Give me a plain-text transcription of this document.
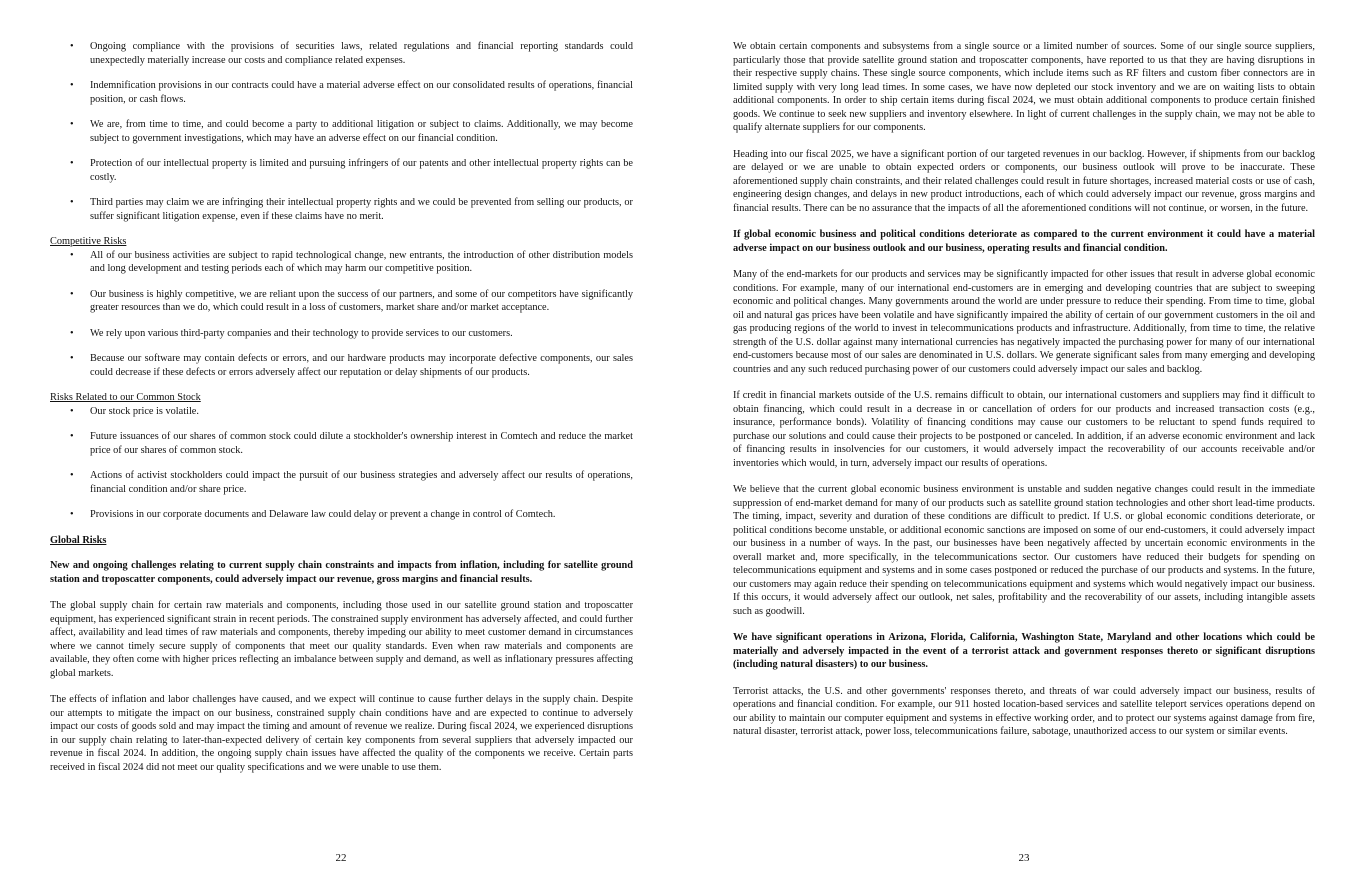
• Ongoing compliance with the provisions of securities laws, related regulations and financial reporting standards could unexpectedly materially increase our costs and compliance related expenses.
• Indemnification provisions in our contracts could have a material adverse effect on our consolidated results of operations, financial position, or cash flows.
• We are, from time to time, and could become a party to additional litigation or subject to claims. Additionally, we may become subject to government investigations, which may have an adverse effect on our financial condition.
• Protection of our intellectual property is limited and pursuing infringers of our patents and other intellectual property rights can be costly.
• Third parties may claim we are infringing their intellectual property rights and we could be prevented from selling our products, or suffer significant litigation expense, even if these claims have no merit.
Competitive Risks
• All of our business activities are subject to rapid technological change, new entrants, the introduction of other distribution models and long development and testing periods each of which may harm our competitive position.
• Our business is highly competitive, we are reliant upon the success of our partners, and some of our competitors have significantly greater resources than we do, which could result in a loss of customers, market share and/or market acceptance.
• We rely upon various third-party companies and their technology to provide services to our customers.
• Because our software may contain defects or errors, and our hardware products may incorporate defective components, our sales could decrease if these defects or errors adversely affect our reputation or delay shipments of our products.
Risks Related to our Common Stock
• Our stock price is volatile.
• Future issuances of our shares of common stock could dilute a stockholder's ownership interest in Comtech and reduce the market price of our shares of common stock.
• Actions of activist stockholders could impact the pursuit of our business strategies and adversely affect our results of operations, financial condition and/or share price.
• Provisions in our corporate documents and Delaware law could delay or prevent a change in control of Comtech.
Global Risks

New and ongoing challenges relating to current supply chain constraints and impacts from inflation, including for satellite ground station and troposcatter components, could adversely impact our revenue, gross margins and financial results.

The global supply chain for certain raw materials and components, including those used in our satellite ground station and troposcatter equipment, has experienced significant strain in recent periods. The constrained supply environment has adversely affected, and could further affect, availability and lead times of raw materials and components, thereby impeding our ability to meet customer demand in circumstances where we cannot timely secure supply of components that meet our quality standards. Even when raw materials and components are available, they often come with higher prices reflecting an imbalance between supply and demand, as well as inflationary pressures affecting global markets.

The effects of inflation and labor challenges have caused, and we expect will continue to cause further delays in the supply chain. Despite our attempts to mitigate the impact on our business, constrained supply chain conditions have and are expected to continue to adversely impact our costs of goods sold and may impact the timing and amount of revenue we realize. During fiscal 2024, we experienced disruptions in our supply chain relating to later-than-expected delivery of certain key components from several suppliers that adversely impacted our revenue in fiscal 2024. In addition, the ongoing supply chain issues have affected the quality of the components we receive. Certain parts received in fiscal 2024 did not meet our quality specifications and we were unable to use them.

22

We obtain certain components and subsystems from a single source or a limited number of sources. Some of our single source suppliers, particularly those that provide satellite ground station and troposcatter components, have reported to us that they are having disruptions in their respective supply chains. These single source components, which include items such as RF filters and custom fiber connectors are in limited supply with very long lead times. In some cases, we have now depleted our stock inventory and we are on waiting lists to obtain additional components. In order to ship certain items during fiscal 2024, we must obtain additional components to produce certain finished goods. We continue to seek new suppliers and inventory elsewhere. In light of current challenges in the supply chain, we may not be able to qualify alternate suppliers for our components.

Heading into our fiscal 2025, we have a significant portion of our targeted revenues in our backlog. However, if shipments from our backlog are delayed or we are unable to obtain expected orders or components, our business outlook will prove to be inaccurate. These aforementioned supply chain constraints, and their related challenges could result in future shortages, increased material costs or use of cash, engineering design changes, and delays in new product introductions, each of which could adversely impact our revenue, gross margins and financial results. There can be no assurance that the impacts of all the aforementioned conditions will not continue, or worsen, in the future.

If global economic business and political conditions deteriorate as compared to the current environment it could have a material adverse impact on our business outlook and our business, operating results and financial condition.

Many of the end-markets for our products and services may be significantly impacted for other issues that result in adverse global economic conditions. For example, many of our international end-customers are in emerging and developing countries that are subject to sweeping economic and political changes. Many governments around the world are under pressure to reduce their spending. From time to time, global oil and natural gas prices have been volatile and have significantly impaired the ability of certain of our government customers in the oil and gas producing regions of the world to invest in telecommunications products and infrastructure. Additionally, from time to time, the relative strength of the U.S. dollar against many international currencies has negatively impacted the purchasing power for many of our international end-customers because most of our sales are denominated in U.S. dollars. We generate significant sales from many emerging and developing countries and any such reduced purchasing power of our customers could adversely impact our sales and backlog.

If credit in financial markets outside of the U.S. remains difficult to obtain, our international customers and suppliers may find it difficult to obtain financing, which could result in a decrease in or cancellation of orders for our products and increased transaction costs (e.g., insurance, performance bonds). Volatility of financing conditions may cause our customers to be reluctant to spend funds required to purchase our solutions and could cause their projects to be postponed or canceled. In addition, if an adverse economic environment and lack of financing results in insolvencies for our customers, it would adversely impact the recoverability of our accounts receivable and/or inventories which would, in turn, adversely impact our results of operations.

We believe that the current global economic business environment is unstable and sudden negative changes could result in the immediate suppression of end-market demand for many of our products such as satellite ground station technologies and other short lead-time products. The timing, impact, severity and duration of these conditions are difficult to predict. If U.S. or global economic conditions deteriorate, or political conditions become unstable, or additional economic sanctions are imposed on some of our end-customers, it could adversely impact our business in a number of ways. In the past, our businesses have been negatively affected by uncertain economic environments in the overall market and, more specifically, in the telecommunications sector. Our customers have reduced their budgets for spending on telecommunications equipment and systems and in some cases postponed or reduced the purchase of our products and systems. In the future, our customers may again reduce their spending on telecommunications equipment and systems which would negatively impact our business. If this occurs, it would adversely affect our outlook, net sales, profitability and the recoverability of our assets, including intangible assets such as goodwill.

We have significant operations in Arizona, Florida, California, Washington State, Maryland and other locations which could be materially and adversely impacted in the event of a terrorist attack and government responses thereto or significant disruptions (including natural disasters) to our business.

Terrorist attacks, the U.S. and other governments' responses thereto, and threats of war could adversely impact our business, results of operations and financial condition. For example, our 911 hosted location-based services and satellite teleport services operations depend on our ability to maintain our computer equipment and systems in effective working order, and to protect our systems against damage from fire, natural disaster, terrorist attack, power loss, telecommunications failure, sabotage, unauthorized access to our system or similar events.

23
